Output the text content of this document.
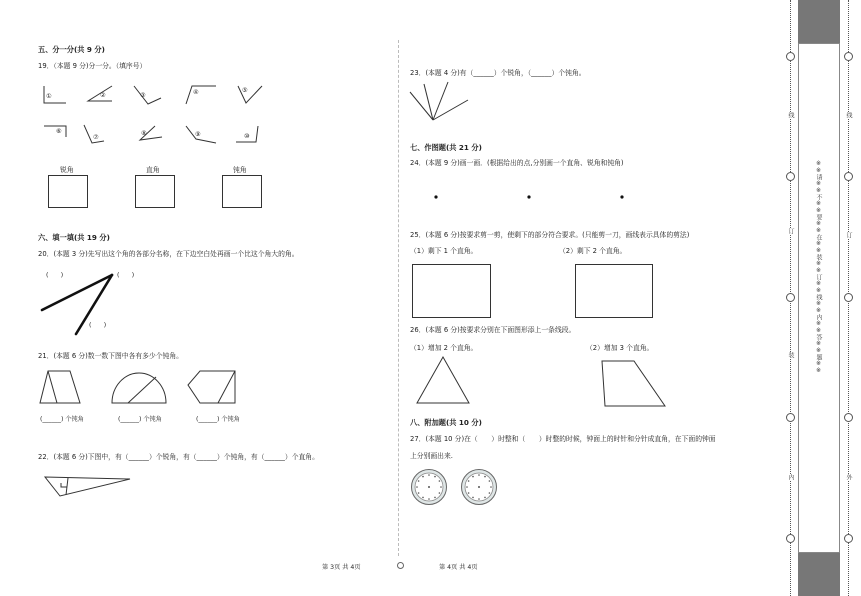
五、分一分(共 9 分)
19．（本题 9 分)分一分。（填序号）
①	②	③	④	⑤
⑥
⑦
⑧	⑨	⑩
锐角	直角	钝角
六、填一填(共 19 分)
20．(本题 3 分)先写出这个角的各部分名称，在下边空白处再画一个比这个角大的角。
(　　)	(　　)
(　　)
21．(本题 6 分)数一数下图中各有多少个钝角。
(______) 个钝角	(______) 个钝角	(______) 个钝角
22．(本题 6 分)下图中，有（______）个锐角，有（______）个钝角，有（______）个直角。
23．(本题 4 分)有（______）个锐角，（______）个钝角。
七、作图题(共 21 分)
24．(本题 9 分)画一画．(根据给出的点,分别画一个直角、锐角和钝角)
25．(本题 6 分)按要求剪一剪，使剩下的部分符合要求。(只能剪一刀，画线表示具体的剪法)
（1）剩下 1 个直角。	（2）剩下 2 个直角。
26．(本题 6 分)按要求分别在下面图形添上一条线段。
（1）增加 2 个直角。	（2）增加 3 个直角。
八、附加题(共 10 分)
27．(本题 10 分)在（　　）时整和（　　）时整的时候，钟面上的时针和分针成直角，在下面的钟面
上分别画出来.
第 3页 共 4页	第 4页 共 4页
※※请※※不※※要※※在※※装※※订※※线※※内※※答※※题※※
线
订
装
内
线
订
外
